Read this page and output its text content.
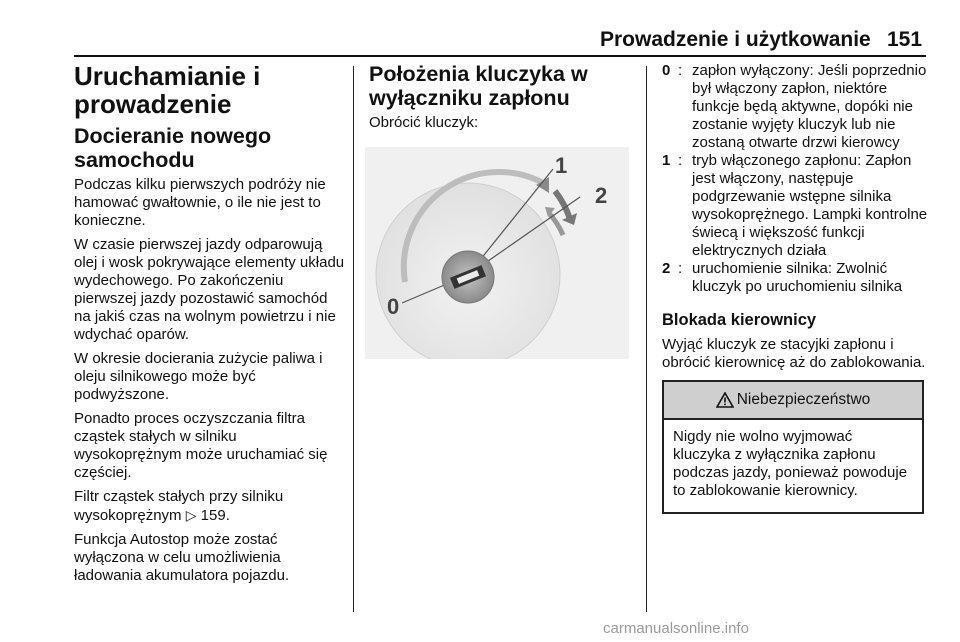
Prowadzenie i użytkowanie 151
Uruchamianie i prowadzenie
Docieranie nowego samochodu

Podczas kilku pierwszych podróży nie hamować gwałtownie, o ile nie jest to konieczne.

W czasie pierwszej jazdy odparowują olej i wosk pokrywające elementy układu wydechowego. Po zakończeniu pierwszej jazdy pozostawić samochód na jakiś czas na wolnym powietrzu i nie wdychać oparów.

W okresie docierania zużycie paliwa i oleju silnikowego może być podwyższone.

Ponadto proces oczyszczania filtra cząstek stałych w silniku wysokoprężnym może uruchamiać się częściej.

Filtr cząstek stałych przy silniku wysokoprężnym ▷ 159.

Funkcja Autostop może zostać wyłączona w celu umożliwienia ładowania akumulatora pojazdu.

Położenia kluczyka w wyłączniku zapłonu

Obrócić kluczyk:

0
1
2
0 : zapłon wyłączony: Jeśli poprzednio był włączony zapłon, niektóre funkcje będą aktywne, dopóki nie zostanie wyjęty kluczyk lub nie zostaną otwarte drzwi kierowcy
1 : tryb włączonego zapłonu: Zapłon jest włączony, następuje podgrzewanie wstępne silnika wysokoprężnego. Lampki kontrolne świecą i większość funkcji elektrycznych działa
2 : uruchomienie silnika: Zwolnić kluczyk po uruchomieniu silnika
Blokada kierownicy

Wyjąć kluczyk ze stacyjki zapłonu i obrócić kierownicę aż do zablokowania.

Niebezpieczeństwo
Nigdy nie wolno wyjmować kluczyka z wyłącznika zapłonu podczas jazdy, ponieważ powoduje to zablokowanie kierownicy.
carmanualsonline.info
